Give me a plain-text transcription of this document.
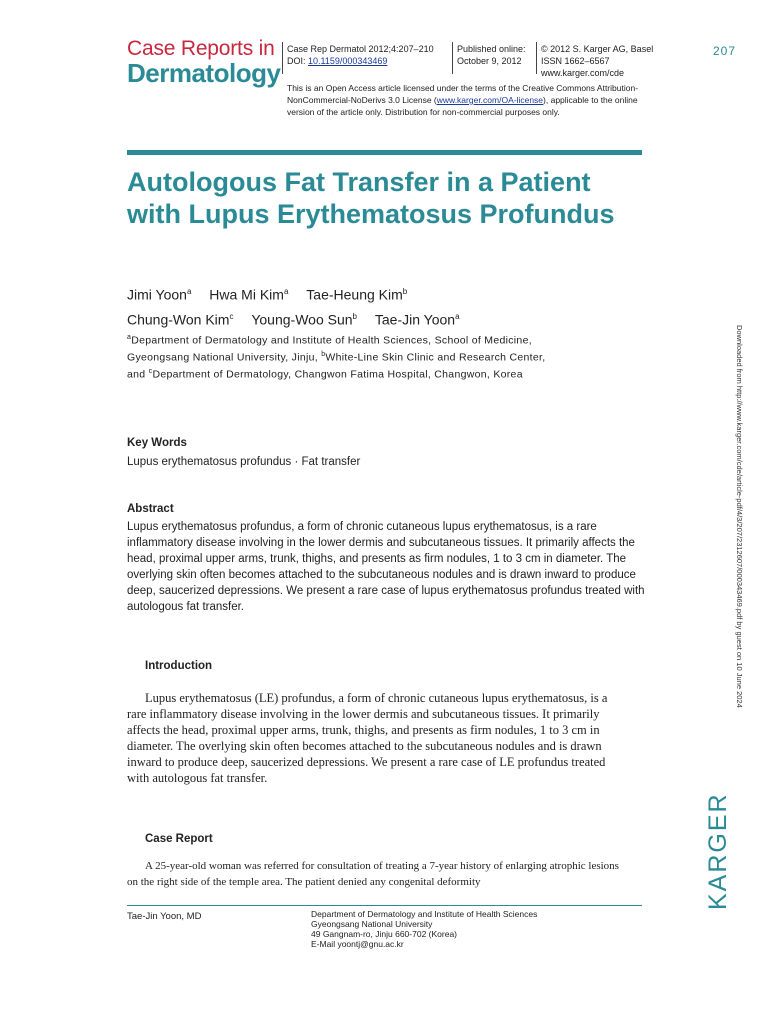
Case Reports in
Dermatology
Case Rep Dermatol 2012;4:207–210
DOI: 10.1159/000343469
Published online:
October 9, 2012
© 2012 S. Karger AG, Basel
ISSN 1662–6567
www.karger.com/cde
207
This is an Open Access article licensed under the terms of the Creative Commons Attribution-NonCommercial-NoDerivs 3.0 License (www.karger.com/OA-license), applicable to the online version of the article only. Distribution for non-commercial purposes only.
Autologous Fat Transfer in a Patient with Lupus Erythematosus Profundus
Jimi Yoon$^a$ Hwa Mi Kim$^a$ Tae-Heung Kim$^b$
Chung-Won Kim$^c$ Young-Woo Sun$^b$ Tae-Jin Yoon$^a$
$^a$Department of Dermatology and Institute of Health Sciences, School of Medicine, Gyeongsang National University, Jinju, $^b$White-Line Skin Clinic and Research Center, and $^c$Department of Dermatology, Changwon Fatima Hospital, Changwon, Korea
Key Words
Lupus erythematosus profundus · Fat transfer
Abstract
Lupus erythematosus profundus, a form of chronic cutaneous lupus erythematosus, is a rare inflammatory disease involving in the lower dermis and subcutaneous tissues. It primarily affects the head, proximal upper arms, trunk, thighs, and presents as firm nodules, 1 to 3 cm in diameter. The overlying skin often becomes attached to the subcutaneous nodules and is drawn inward to produce deep, saucerized depressions. We present a rare case of lupus erythematosus profundus treated with autologous fat transfer.
Introduction
Lupus erythematosus (LE) profundus, a form of chronic cutaneous lupus erythematosus, is a rare inflammatory disease involving in the lower dermis and subcutaneous tissues. It primarily affects the head, proximal upper arms, trunk, thighs, and presents as firm nodules, 1 to 3 cm in diameter. The overlying skin often becomes attached to the subcutaneous nodules and is drawn inward to produce deep, saucerized depressions. We present a rare case of LE profundus treated with autologous fat transfer.
Case Report
A 25-year-old woman was referred for consultation of treating a 7-year history of enlarging atrophic lesions on the right side of the temple area. The patient denied any congenital deformity
Tae-Jin Yoon, MD	Department of Dermatology and Institute of Health Sciences
Gyeongsang National University
49 Gangnam-ro, Jinju 660-702 (Korea)
E-Mail yoontj@gnu.ac.kr
Downloaded from http://www.karger.com/cde/article-pdf/4/3/207/2312607/000343469.pdf by guest on 10 June 2024
KARGER
